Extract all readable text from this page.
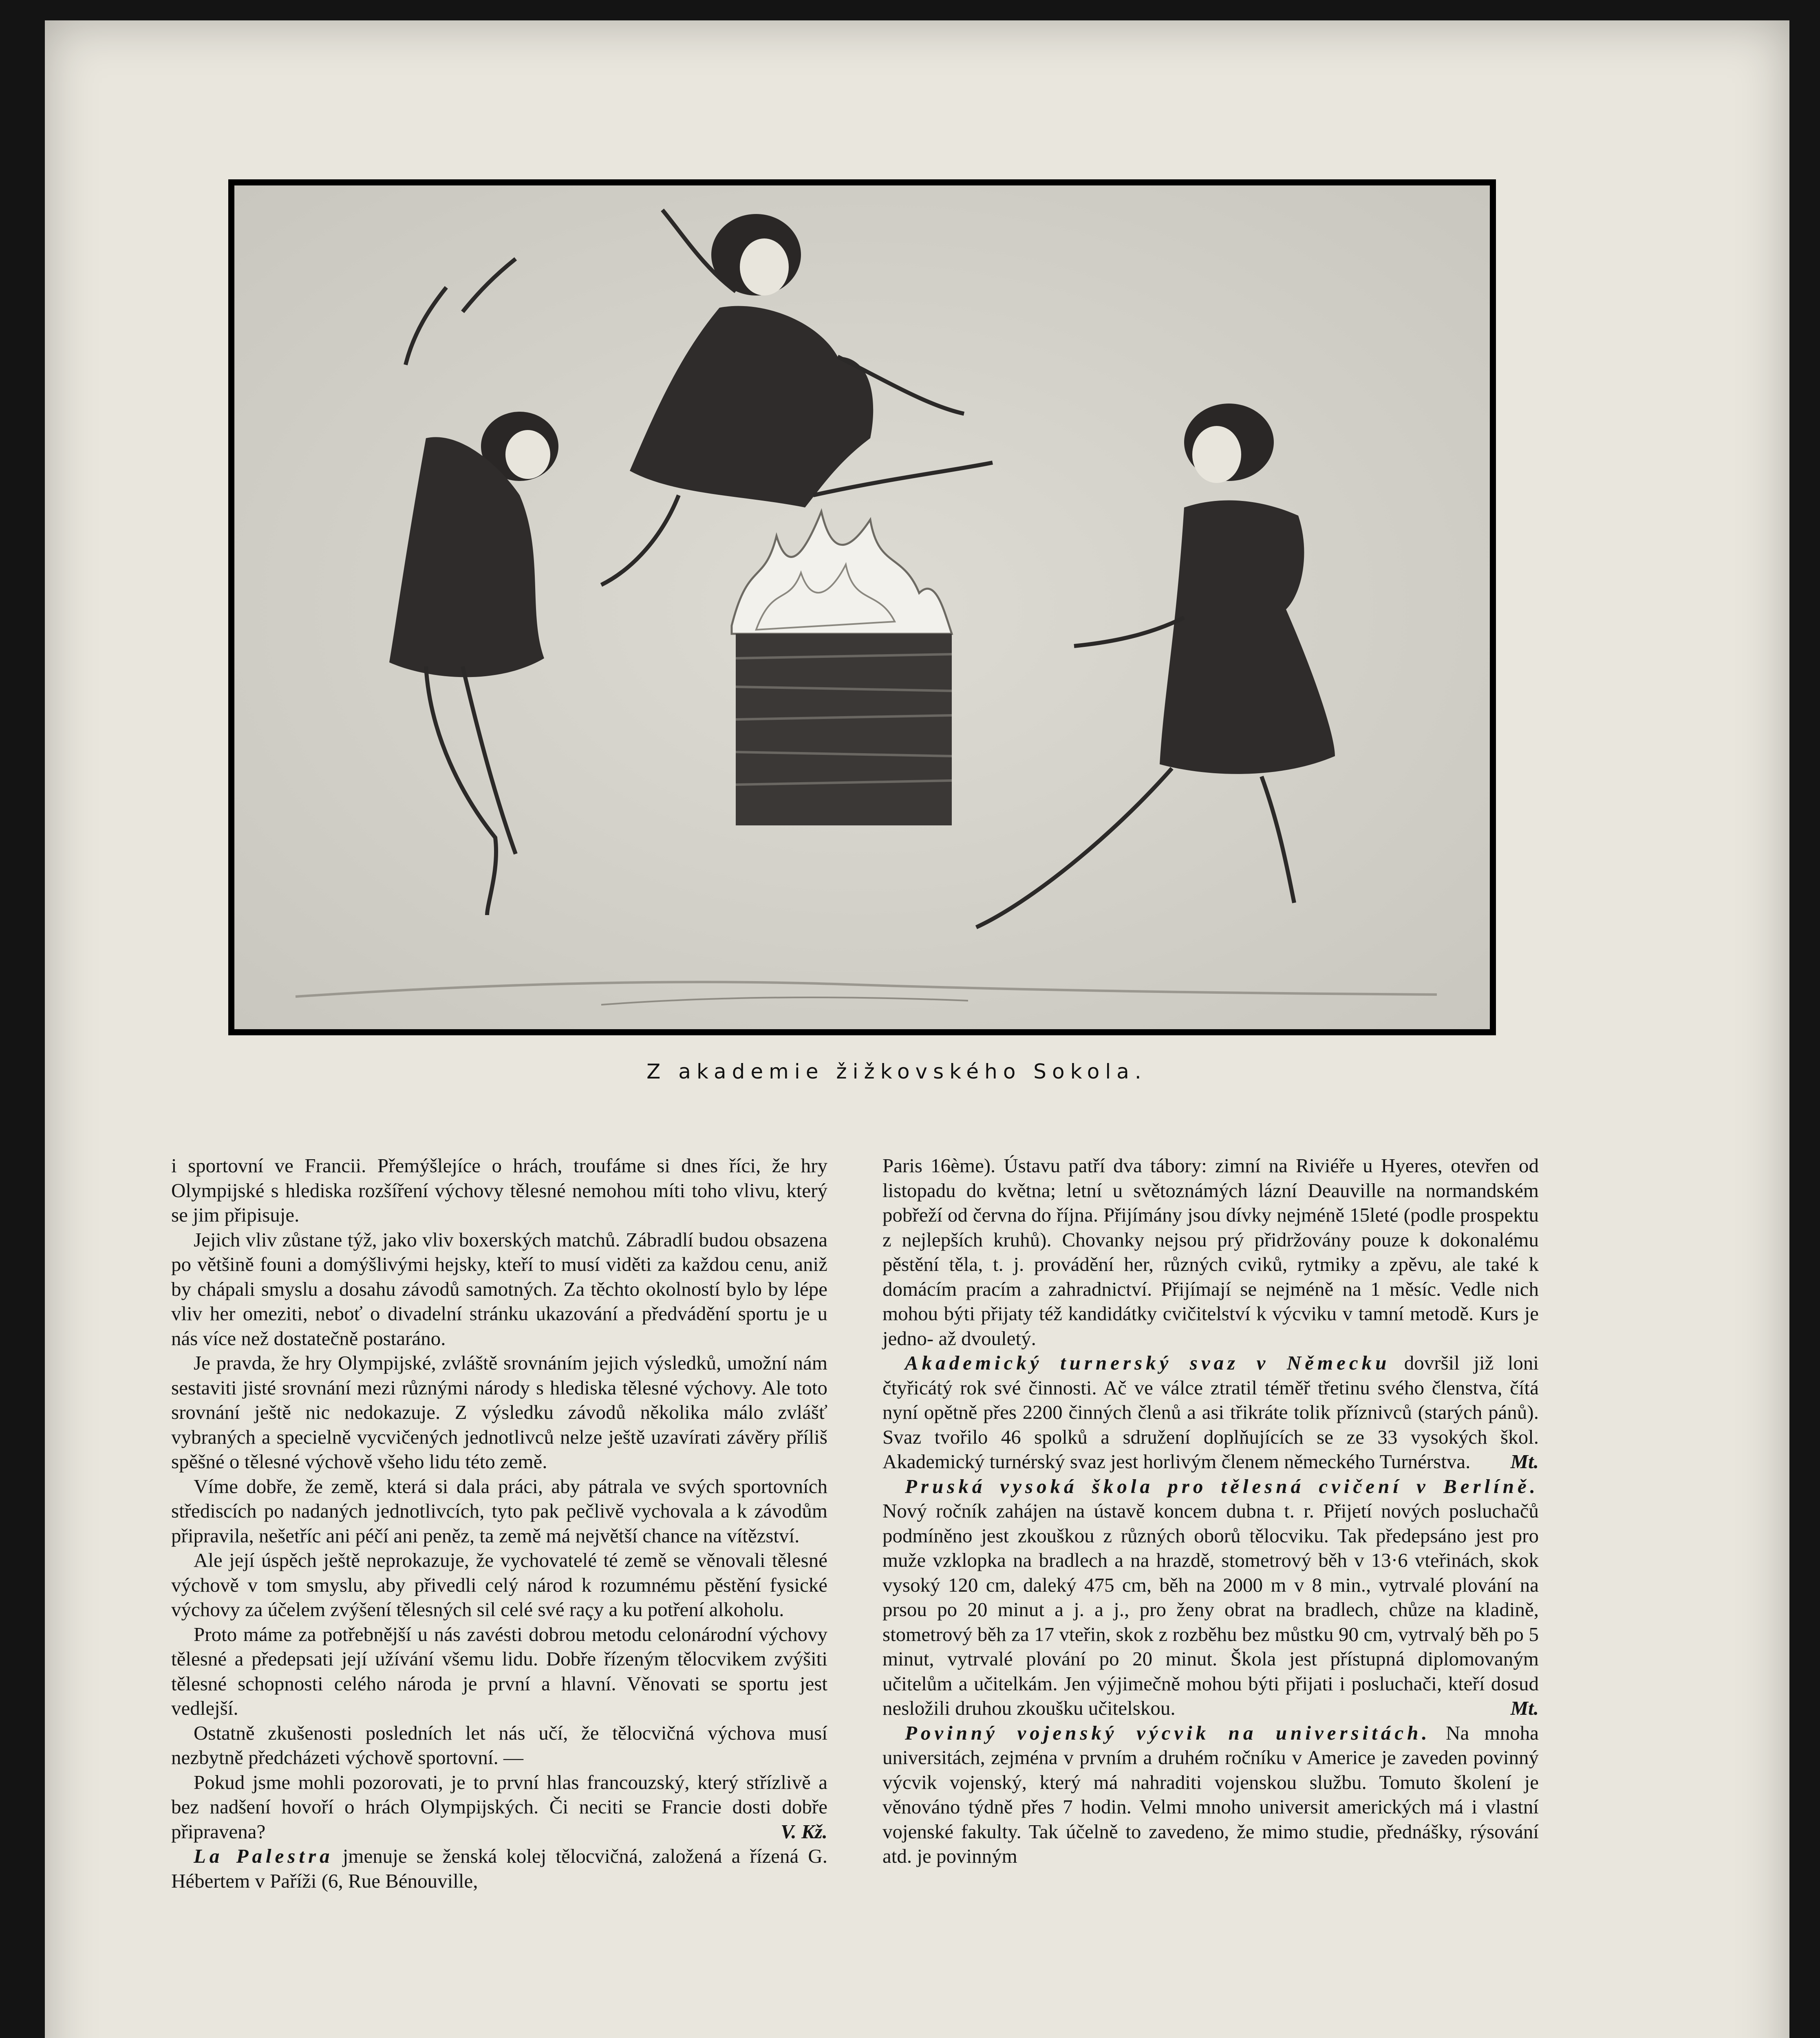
Z akademie žižkovského Sokola.

i sportovní ve Francii. Přemýšlejíce o hrách, troufáme si dnes říci, že hry Olympijské s hlediska rozšíření výchovy tělesné nemohou míti toho vlivu, který se jim připisuje.

Jejich vliv zůstane týž, jako vliv boxerských matchů. Zábradlí budou obsazena po většině founi a domýšlivými hejsky, kteří to musí viděti za každou cenu, aniž by chápali smyslu a dosahu závodů samotných. Za těchto okolností bylo by lépe vliv her omeziti, neboť o divadelní stránku ukazování a předvádění sportu je u nás více než dostatečně postaráno.

Je pravda, že hry Olympijské, zvláště srovnáním jejich výsledků, umožní nám sestaviti jisté srovnání mezi různými národy s hlediska tělesné výchovy. Ale toto srovnání ještě nic nedokazuje. Z výsledku závodů několika málo zvlášť vybraných a specielně vycvičených jednotlivců nelze ještě uzavírati závěry příliš spěšné o tělesné výchově všeho lidu této země.

Víme dobře, že země, která si dala práci, aby pátrala ve svých sportovních střediscích po nadaných jednotlivcích, tyto pak pečlivě vychovala a k závodům připravila, nešetříc ani péčí ani peněz, ta země má největší chance na vítězství.

Ale její úspěch ještě neprokazuje, že vychovatelé té země se věnovali tělesné výchově v tom smyslu, aby přivedli celý národ k rozumnému pěstění fysické výchovy za účelem zvýšení tělesných sil celé své raçy a ku potření alkoholu.

Proto máme za potřebnější u nás zavésti dobrou metodu celonárodní výchovy tělesné a předepsati její užívání všemu lidu. Dobře řízeným tělocvikem zvýšiti tělesné schopnosti celého národa je první a hlavní. Věnovati se sportu jest vedlejší.

Ostatně zkušenosti posledních let nás učí, že tělocvičná výchova musí nezbytně předcházeti výchově sportovní. —

Pokud jsme mohli pozorovati, je to první hlas francouzský, který střízlivě a bez nadšení hovoří o hrách Olympijských. Či neciti se Francie dosti dobře připravena?	V. Kž.

La Palestra jmenuje se ženská kolej tělocvičná, založená a řízená G. Hébertem v Paříži (6, Rue Bénouville,

Paris 16ème). Ústavu patří dva tábory: zimní na Riviéře u Hyeres, otevřen od listopadu do května; letní u světoznámých lázní Deauville na normandském pobřeží od června do října. Přijímány jsou dívky nejméně 15leté (podle prospektu z nejlepších kruhů). Chovanky nejsou prý přidržovány pouze k dokonalému pěstění těla, t. j. provádění her, různých cviků, rytmiky a zpěvu, ale také k domácím pracím a zahradnictví. Přijímají se nejméně na 1 měsíc. Vedle nich mohou býti přijaty též kandidátky cvičitelství k výcviku v tamní metodě. Kurs je jedno- až dvouletý.

Akademický turnerský svaz v Německu dovršil již loni čtyřicátý rok své činnosti. Ač ve válce ztratil téměř třetinu svého členstva, čítá nyní opětně přes 2200 činných členů a asi třikráte tolik příznivců (starých pánů). Svaz tvořilo 46 spolků a sdružení doplňujících se ze 33 vysokých škol. Akademický turnérský svaz jest horlivým členem německého Turnérstva.	Mt.

Pruská vysoká škola pro tělesná cvičení v Berlíně. Nový ročník zahájen na ústavě koncem dubna t. r. Přijetí nových posluchačů podmíněno jest zkouškou z různých oborů tělocviku. Tak předepsáno jest pro muže vzklopka na bradlech a na hrazdě, stometrový běh v 13·6 vteřinách, skok vysoký 120 cm, daleký 475 cm, běh na 2000 m v 8 min., vytrvalé plování na prsou po 20 minut a j. a j., pro ženy obrat na bradlech, chůze na kladině, stometrový běh za 17 vteřin, skok z rozběhu bez můstku 90 cm, vytrvalý běh po 5 minut, vytrvalé plování po 20 minut. Škola jest přístupná diplomovaným učitelům a učitelkám. Jen výjimečně mohou býti přijati i posluchači, kteří dosud nesložili druhou zkoušku učitelskou.	Mt.

Povinný vojenský výcvik na universitách. Na mnoha universitách, zejména v prvním a druhém ročníku v Americe je zaveden povinný výcvik vojenský, který má nahraditi vojenskou službu. Tomuto školení je věnováno týdně přes 7 hodin. Velmi mnoho universit amerických má i vlastní vojenské fakulty. Tak účelně to zavedeno, že mimo studie, přednášky, rýsování atd. je povinným
